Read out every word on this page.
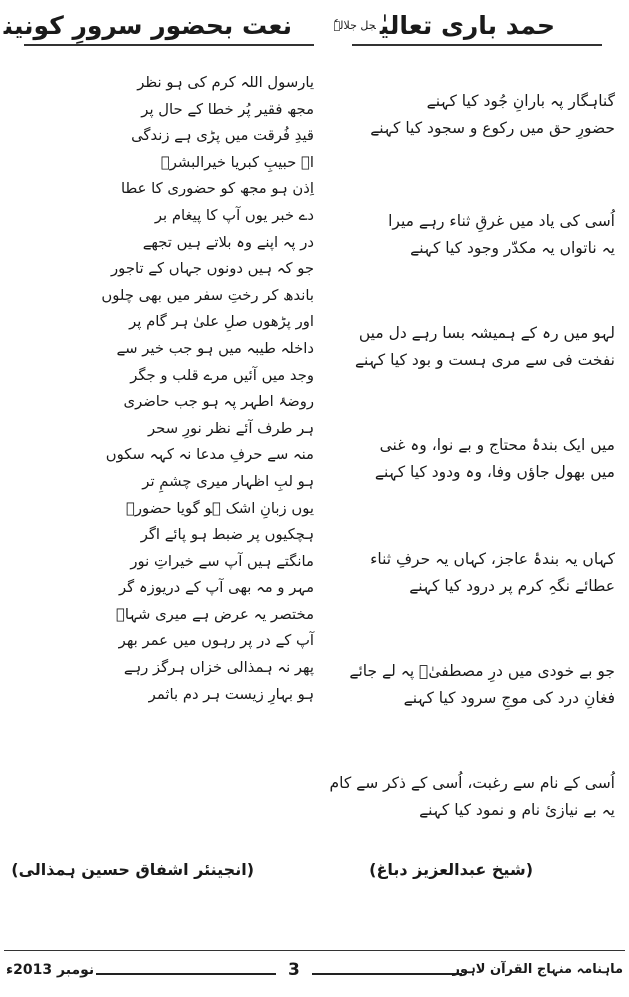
حمد باری تعالیٰ$^{جل جلالہٗ}$
گناہگار پہ بارانِ جُود کیا کہنے
حضورِ حق میں رکوع و سجود کیا کہنے
اُسی کی یاد میں غرقِ ثناء رہے میرا
یہ ناتواں یہ مکدّر وجود کیا کہنے
لہو میں رہ کے ہمیشہ بسا رہے دل میں
نفخت فی سے مری ہست و بود کیا کہنے
میں ایک بندۂ محتاج و بے نوا، وہ غنی
میں بھول جاؤں وفا، وہ ودود کیا کہنے
کہاں یہ بندۂ عاجز، کہاں یہ حرفِ ثناء
عطائے نگہِ کرم پر درود کیا کہنے
جو بے خودی میں درِ مصطفیٰؐ پہ لے جائے
فغانِ درد کی موجِ سرود کیا کہنے
اُسی کے نام سے رغبت، اُسی کے ذکر سے کام
یہ بے نیازئ نام و نمود کیا کہنے
(شیخ عبدالعزیز دباغ)
نعت بحضور سرورِ کونین
یارسول اللہ کرم کی ہو نظر
مجھ فقیر پُر خطا کے حال پر
قیدِ فُرقت میں پڑی ہے زندگی
اے حبیبِ کبریا خیرالبشرؐ
اِذن ہو مجھ کو حضوری کا عطا
دے خبر یوں آپ کا پیغام بر
در پہ اپنے وہ بلاتے ہیں تجھے
جو کہ ہیں دونوں جہاں کے تاجور
باندھ کر رختِ سفر میں بھی چلوں
اور پڑھوں صلِ علیٰ ہر گام پر
داخلہ طیبہ میں ہو جب خیر سے
وجد میں آئیں مرے قلب و جگر
روضۂ اطہر پہ ہو جب حاضری
ہر طرف آئے نظر نورِ سحر
منہ سے حرفِ مدعا نہ کہہ سکوں
ہو لبِ اظہار میری چشمِ تر
یوں زبانِ اشک ہو گویا حضورؐ
ہچکیوں پر ضبط ہو پائے اگر
مانگتے ہیں آپ سے خیراتِ نور
مہر و مہ بھی آپ کے دریوزہ گر
مختصر یہ عرض ہے میری شہاؐ
آپ کے در پر رہوں میں عمر بھر
پھر نہ ہمذالی خزاں ہرگز رہے
ہو بہارِ زیست ہر دم باثمر
(انجینئر اشفاق حسین ہمذالی)
نومبر 2013ء	3	ماہنامہ منہاج القرآن لاہور
